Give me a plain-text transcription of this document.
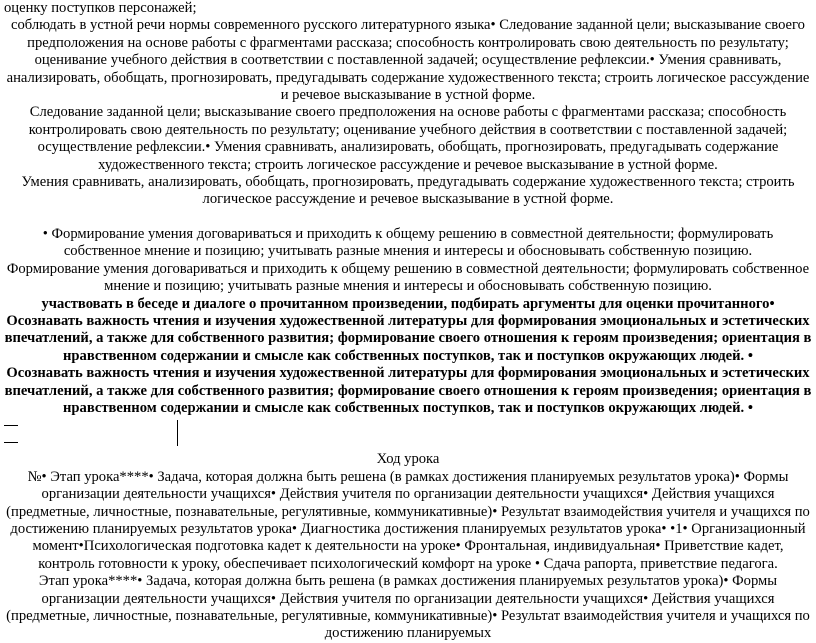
оценку поступков персонажей;

соблюдать в устной речи нормы современного русского литературного языка• Следование заданной цели; высказывание своего предположения на основе работы с фрагментами рассказа; способность контролировать свою деятельность по результату; оценивание учебного действия в соответствии с поставленной задачей; осуществление рефлексии.• Умения сравнивать, анализировать, обобщать, прогнозировать, предугадывать содержание художественного текста; строить логическое рассуждение и речевое высказывание в устной форме.

Следование заданной цели; высказывание своего предположения на основе работы с фрагментами рассказа; способность контролировать свою деятельность по результату; оценивание учебного действия в соответствии с поставленной задачей; осуществление рефлексии.• Умения сравнивать, анализировать, обобщать, прогнозировать, предугадывать содержание художественного текста; строить логическое рассуждение и речевое высказывание в устной форме.

Умения сравнивать, анализировать, обобщать, прогнозировать, предугадывать содержание художественного текста; строить логическое рассуждение и речевое высказывание в устной форме.

• Формирование умения договариваться и приходить к общему решению в совместной деятельности; формулировать собственное мнение и позицию; учитывать разные мнения и интересы и обосновывать собственную позицию.

Формирование умения договариваться и приходить к общему решению в совместной деятельности; формулировать собственное мнение и позицию; учитывать разные мнения и интересы и обосновывать собственную позицию.

участвовать в беседе и диалоге о прочитанном произведении, подбирать аргументы для оценки прочитанного• Осознавать важность чтения и изучения художественной литературы для формирования эмоциональных и эстетических впечатлений, а также для собственного развития; формирование своего отношения к героям произведения; ориентация в нравственном содержании и смысле как собственных поступков, так и поступков окружающих людей. •

Осознавать важность чтения и изучения художественной литературы для формирования эмоциональных и эстетических впечатлений, а также для собственного развития; формирование своего отношения к героям произведения; ориентация в нравственном содержании и смысле как собственных поступков, так и поступков окружающих людей. •

Ход урока

№• Этап урока****• Задача, которая должна быть решена (в рамках достижения планируемых результатов урока)• Формы организации деятельности учащихся• Действия учителя по организации деятельности учащихся• Действия учащихся (предметные, личностные, познавательные, регулятивные, коммуникативные)• Результат взаимодействия учителя и учащихся по достижению планируемых результатов урока• Диагностика достижения планируемых результатов урока• •1• Организационный момент•Психологическая подготовка кадет к деятельности на уроке• Фронтальная, индивидуальная• Приветствие кадет, контроль готовности к уроку, обеспечивает психологический комфорт на уроке • Сдача рапорта, приветствие педагога.

Этап урока****• Задача, которая должна быть решена (в рамках достижения планируемых результатов урока)• Формы организации деятельности учащихся• Действия учителя по организации деятельности учащихся• Действия учащихся (предметные, личностные, познавательные, регулятивные, коммуникативные)• Результат взаимодействия учителя и учащихся по достижению планируемых
